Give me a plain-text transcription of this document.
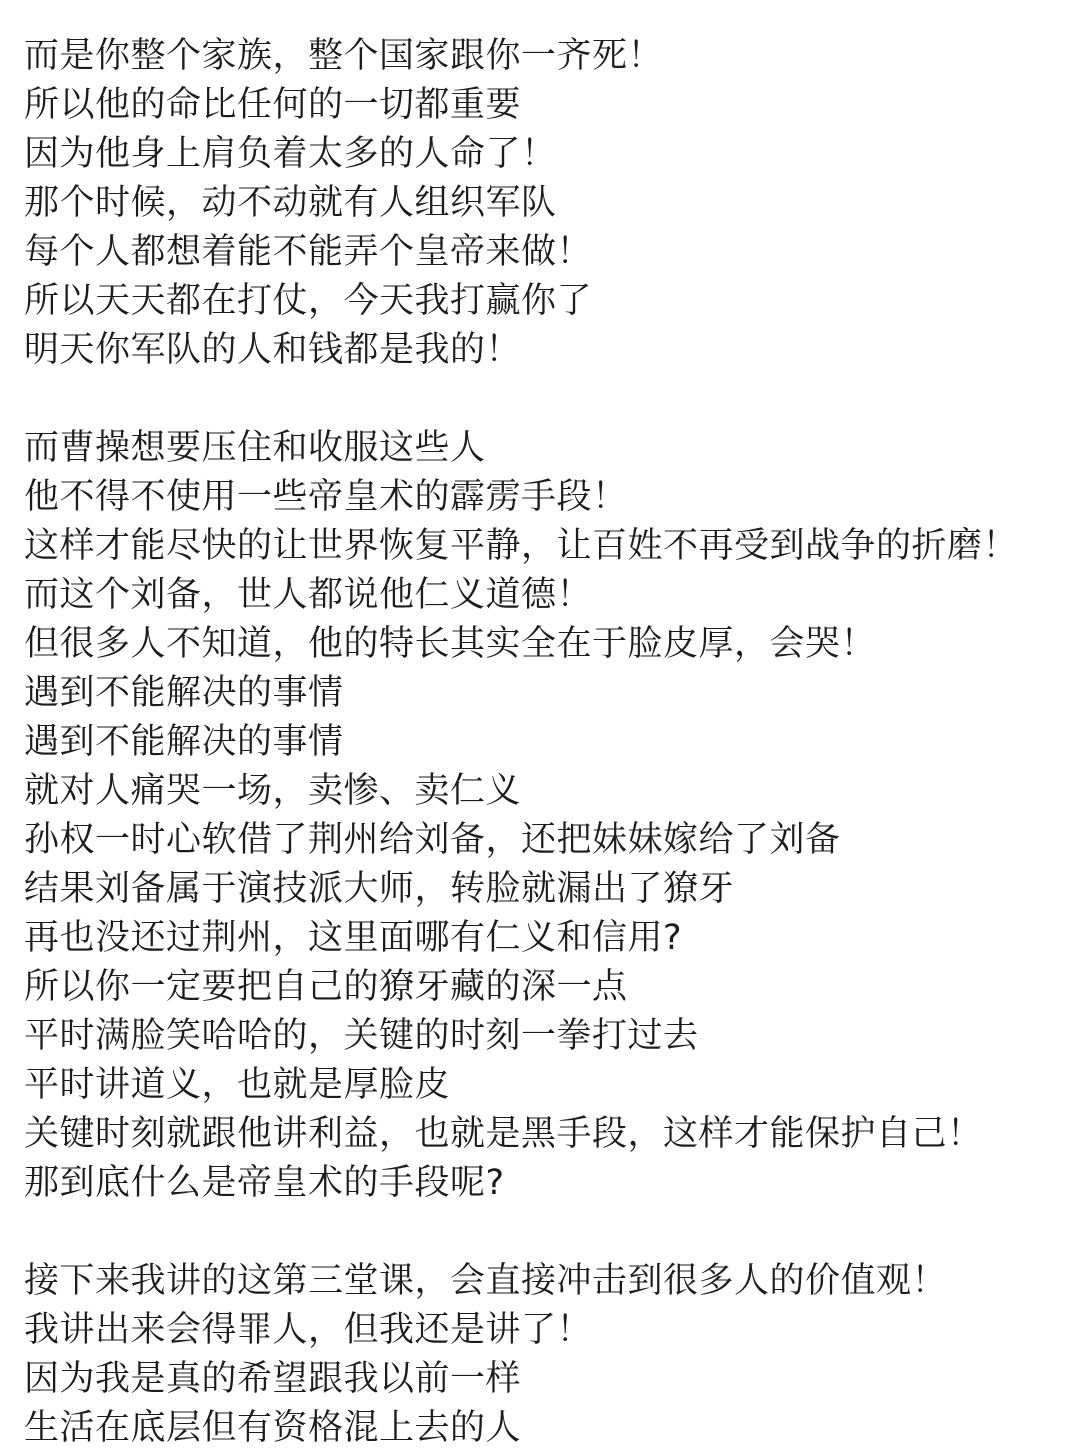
而是你整个家族，整个国家跟你一齐死！
所以他的命比任何的一切都重要
因为他身上肩负着太多的人命了！
那个时候，动不动就有人组织军队
每个人都想着能不能弄个皇帝来做！
所以天天都在打仗，今天我打赢你了
明天你军队的人和钱都是我的！
而曹操想要压住和收服这些人
他不得不使用一些帝皇术的霹雳手段！
这样才能尽快的让世界恢复平静，让百姓不再受到战争的折磨！
而这个刘备，世人都说他仁义道德！
但很多人不知道，他的特长其实全在于脸皮厚，会哭！
遇到不能解决的事情
遇到不能解决的事情
就对人痛哭一场，卖惨、卖仁义
孙权一时心软借了荆州给刘备，还把妹妹嫁给了刘备
结果刘备属于演技派大师，转脸就漏出了獠牙
再也没还过荆州，这里面哪有仁义和信用?
所以你一定要把自己的獠牙藏的深一点
平时满脸笑哈哈的，关键的时刻一拳打过去
平时讲道义，也就是厚脸皮
关键时刻就跟他讲利益，也就是黑手段，这样才能保护自己！
那到底什么是帝皇术的手段呢?
接下来我讲的这第三堂课，会直接冲击到很多人的价值观！
我讲出来会得罪人，但我还是讲了！
因为我是真的希望跟我以前一样
生活在底层但有资格混上去的人
